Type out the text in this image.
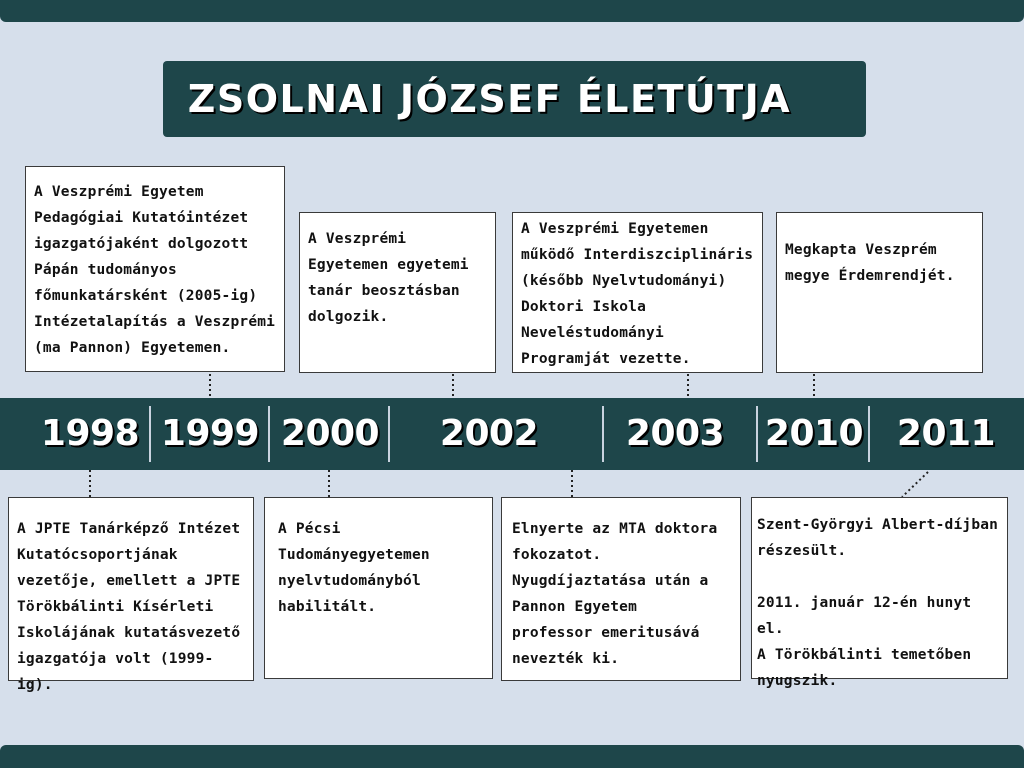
ZSOLNAI JÓZSEF ÉLETÚTJA

A Veszprémi Egyetem
Pedagógiai Kutatóintézet
igazgatójaként dolgozott
Pápán tudományos
főmunkatársként (2005-ig)
Intézetalapítás a Veszprémi
(ma Pannon) Egyetemen.

A Veszprémi
Egyetemen egyetemi
tanár beosztásban
dolgozik.

A Veszprémi Egyetemen
működő Interdiszciplináris
(később Nyelvtudományi)
Doktori Iskola
Neveléstudományi
Programját vezette.

Megkapta Veszprém
megye Érdemrendjét.

1998 1999 2000	2002	2003	2010 2011

A JPTE Tanárképző Intézet
Kutatócsoportjának
vezetője, emellett a JPTE
Törökbálinti Kísérleti
Iskolájának kutatásvezető
igazgatója volt (1999-ig).

A Pécsi
Tudományegyetemen
nyelvtudományból
habilitált.

Elnyerte az MTA doktora
fokozatot.
Nyugdíjaztatása után a
Pannon Egyetem
professor emeritusává
nevezték ki.

Szent-Györgyi Albert-díjban
részesült.

2011. január 12-én hunyt el.
A Törökbálinti temetőben
nyugszik.
